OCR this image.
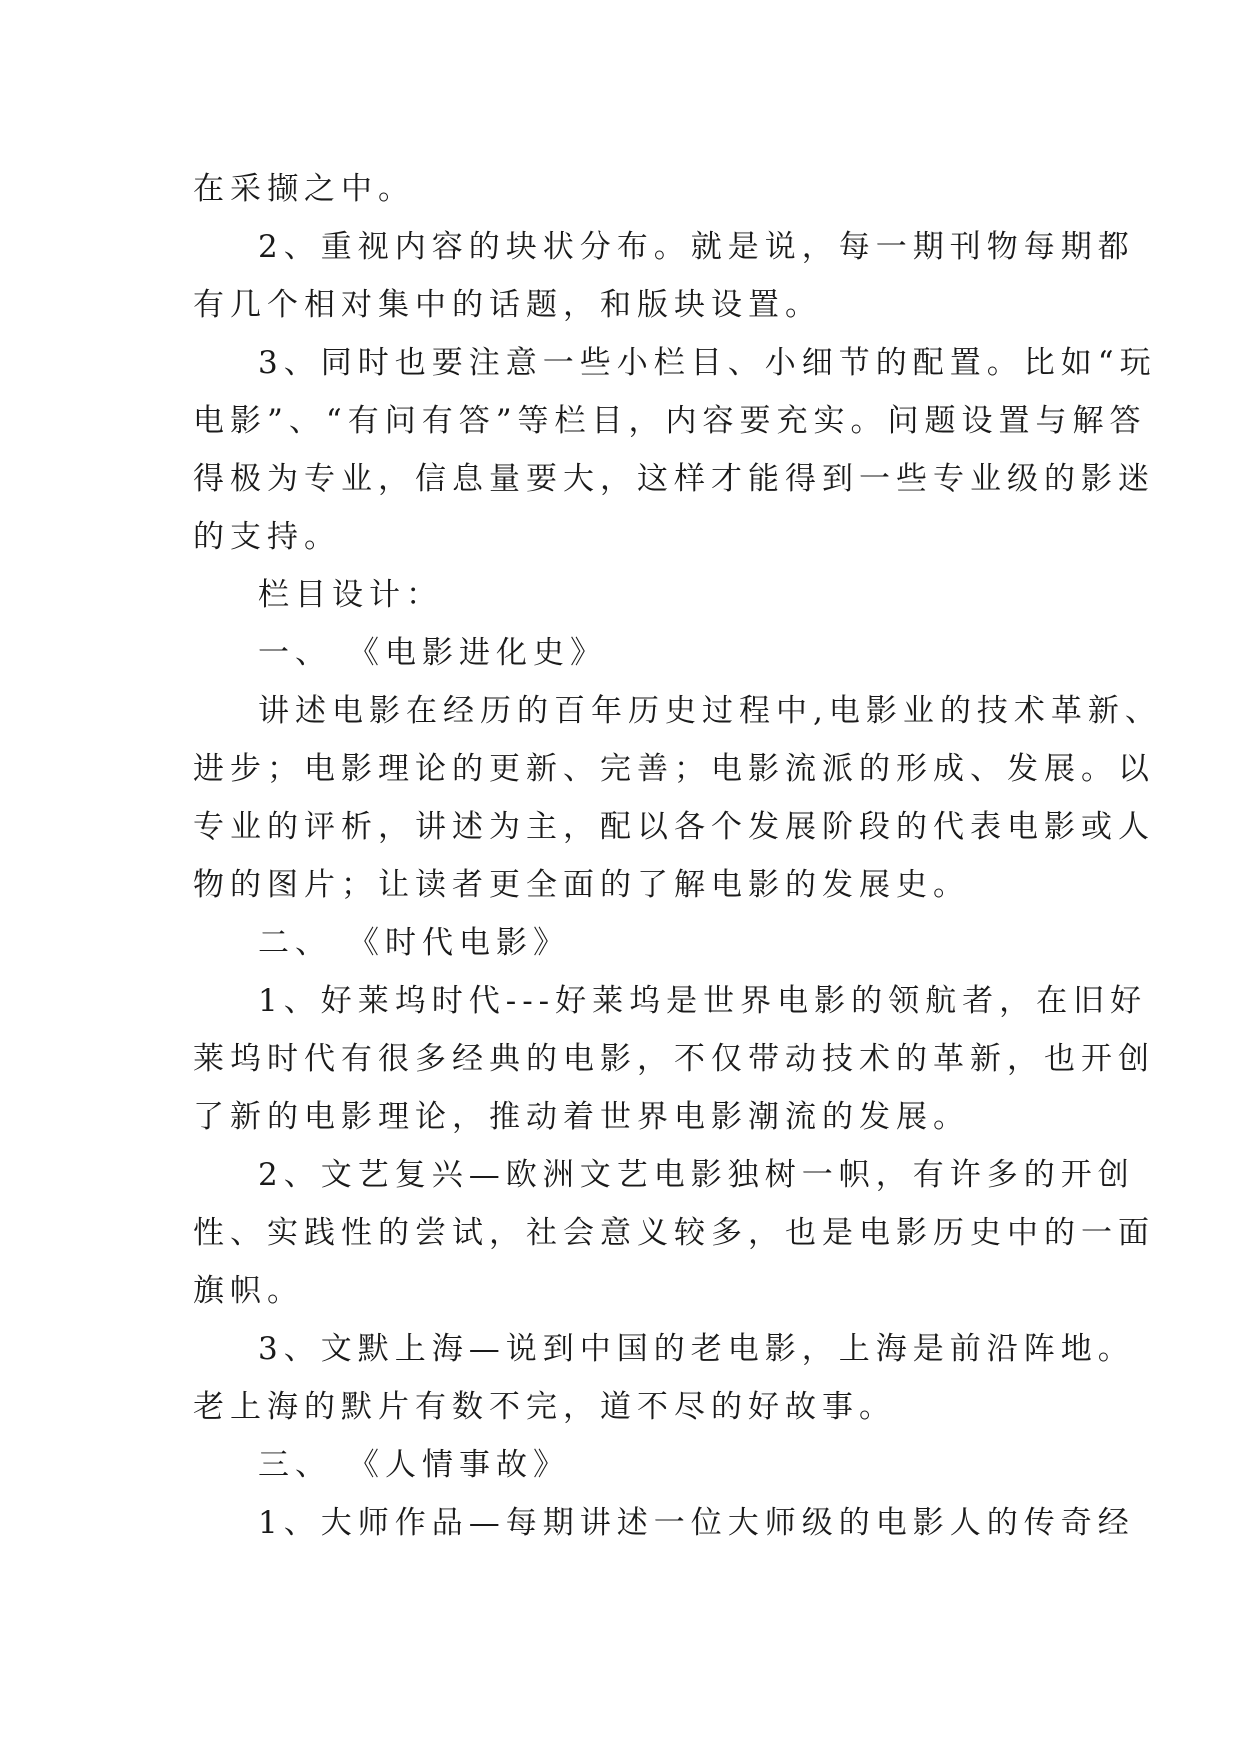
在采撷之中。

2、重视内容的块状分布。就是说，每一期刊物每期都

有几个相对集中的话题，和版块设置。

3、同时也要注意一些小栏目、小细节的配置。比如“玩

电影”、“有问有答”等栏目，内容要充实。问题设置与解答

得极为专业，信息量要大，这样才能得到一些专业级的影迷

的支持。

栏目设计：

一、 《电影进化史》

讲述电影在经历的百年历史过程中,电影业的技术革新、

进步；电影理论的更新、完善；电影流派的形成、发展。以

专业的评析，讲述为主，配以各个发展阶段的代表电影或人

物的图片；让读者更全面的了解电影的发展史。

二、 《时代电影》

1、好莱坞时代---好莱坞是世界电影的领航者，在旧好

莱坞时代有很多经典的电影，不仅带动技术的革新，也开创

了新的电影理论，推动着世界电影潮流的发展。

2、文艺复兴—欧洲文艺电影独树一帜，有许多的开创

性、实践性的尝试，社会意义较多，也是电影历史中的一面

旗帜。

3、文默上海—说到中国的老电影，上海是前沿阵地。

老上海的默片有数不完，道不尽的好故事。

三、 《人情事故》

1、大师作品—每期讲述一位大师级的电影人的传奇经
